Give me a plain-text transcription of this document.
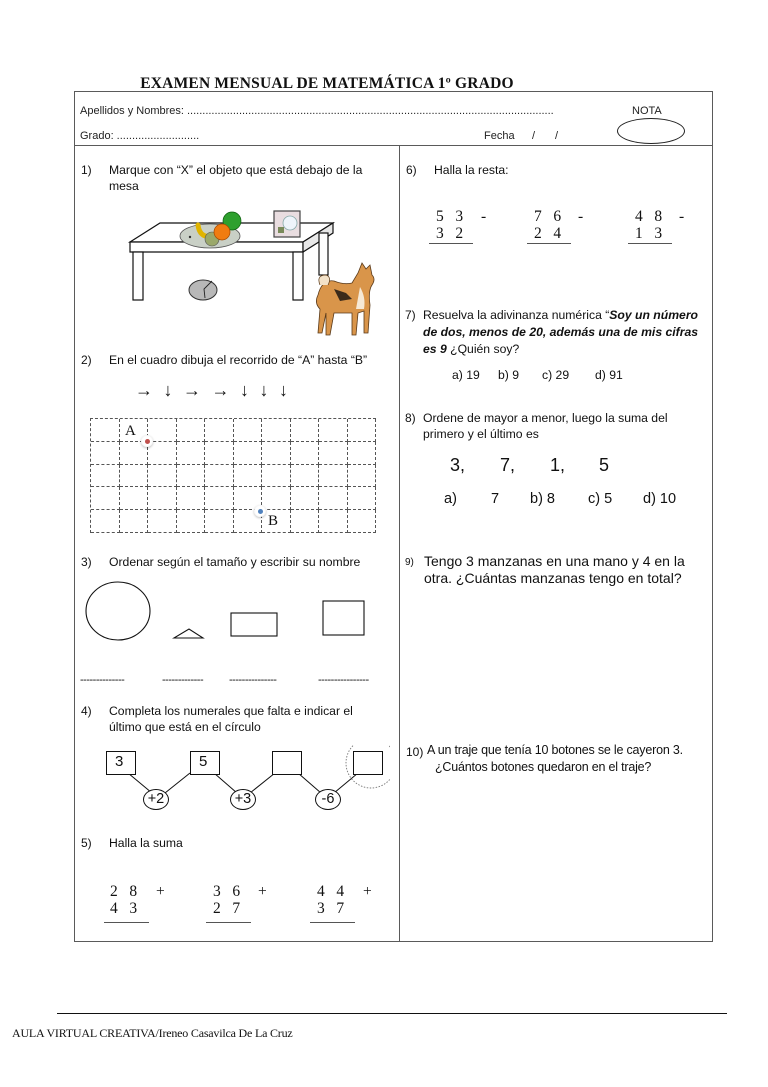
EXAMEN MENSUAL DE MATEMÁTICA 1º GRADO
Apellidos y Nombres: ........................................................................................................................	NOTA
Grado: ...........................	Fecha / /
1) Marque con “X” el objeto que está debajo de la
mesa
2) En el cuadro dibuja el recorrido de “A” hasta “B”
→ ↓ → → ↓ ↓ ↓
A
B
3) Ordenar según el tamaño y escribir su nombre
--------------	------------- ---------------	----------------
4) Completa los numerales que falta e indicar el
último que está en el círculo
3	5
+2	+3	-6
5) Halla la suma
2   8 +
4   3
3   6 +
2   7
4   4 +
3   7
6) Halla la resta:
5   3 -
3   2
7   6 -
2   4
4   8 -
1   3
7) Resuelva la adivinanza numérica “Soy un número
de dos, menos de 20, además una de mis cifras
es 9 ¿Quién soy?
a) 19 b) 9 c) 29 d) 91
8) Ordene de mayor a menor, luego la suma del
primero y el último es
3, 7, 1, 5
a) 7 b) 8 c) 5 d) 10
9) Tengo 3 manzanas en una mano y 4 en la
otra. ¿Cuántas manzanas tengo en total?
10) A un traje que tenía 10 botones se le cayeron 3.
¿Cuántos botones quedaron en el traje?
AULA VIRTUAL CREATIVA/Ireneo Casavilca De La Cruz
